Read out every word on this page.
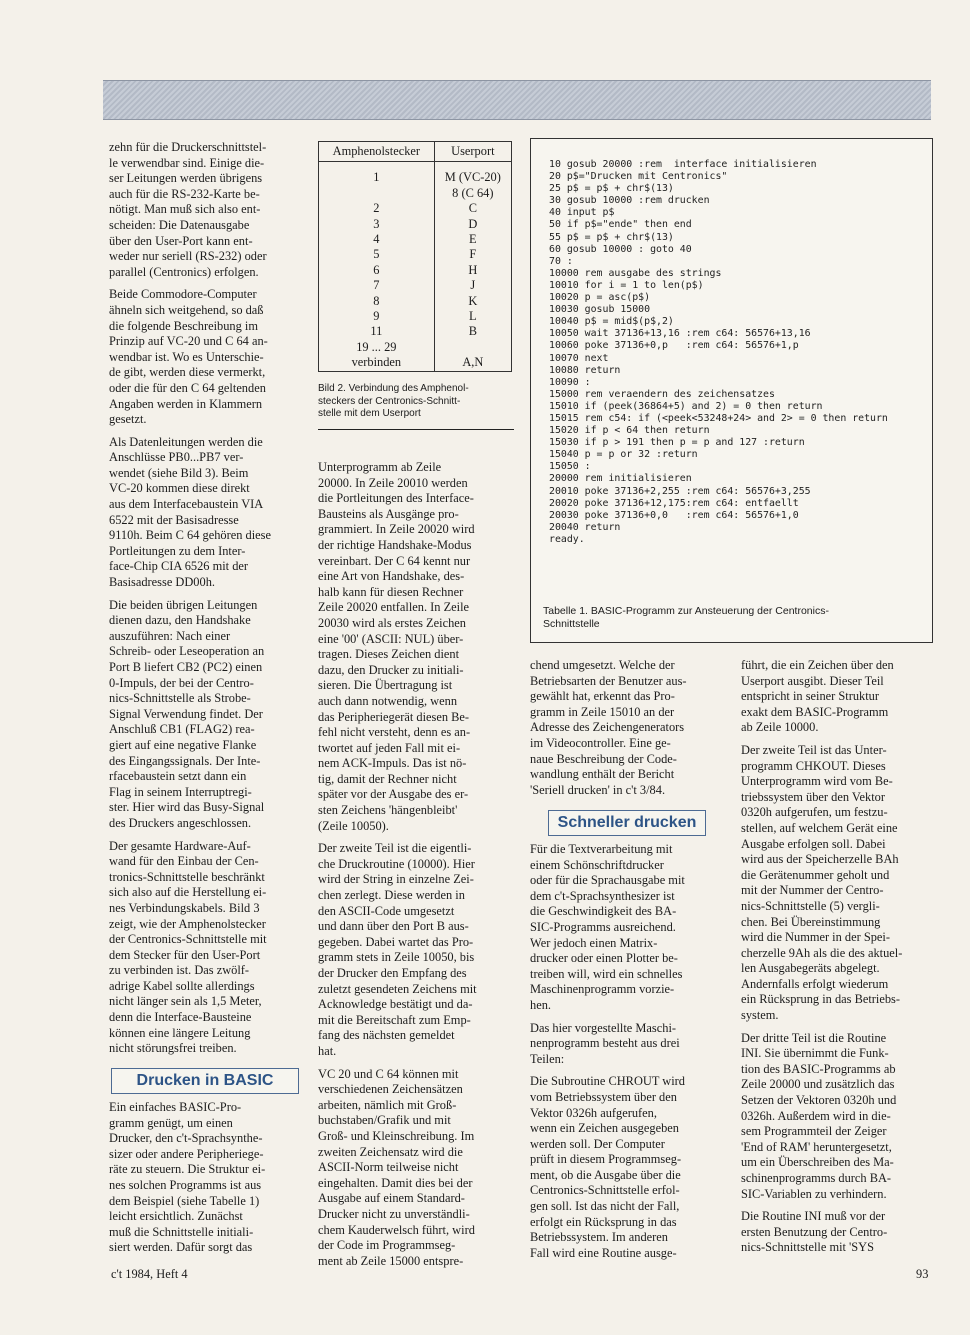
zehn für die Druckerschnittstel-
le verwendbar sind. Einige die-
ser Leitungen werden übrigens
auch für die RS-232-Karte be-
nötigt. Man muß sich also ent-
scheiden: Die Datenausgabe
über den User-Port kann ent-
weder nur seriell (RS-232) oder
parallel (Centronics) erfolgen.

Beide Commodore-Computer
ähneln sich weitgehend, so daß
die folgende Beschreibung im
Prinzip auf VC-20 und C 64 an-
wendbar ist. Wo es Unterschie-
de gibt, werden diese vermerkt,
oder die für den C 64 geltenden
Angaben werden in Klammern
gesetzt.

Als Datenleitungen werden die
Anschlüsse PB0...PB7 ver-
wendet (siehe Bild 3). Beim
VC-20 kommen diese direkt
aus dem Interfacebaustein VIA
6522 mit der Basisadresse
9110h. Beim C 64 gehören diese
Portleitungen zu dem Inter-
face-Chip CIA 6526 mit der
Basisadresse DD00h.

Die beiden übrigen Leitungen
dienen dazu, den Handshake
auszuführen: Nach einer
Schreib- oder Leseoperation an
Port B liefert CB2 (PC2) einen
0-Impuls, der bei der Centro-
nics-Schnittstelle als Strobe-
Signal Verwendung findet. Der
Anschluß CB1 (FLAG2) rea-
giert auf eine negative Flanke
des Eingangssignals. Der Inte-
rfacebaustein setzt dann ein
Flag in seinem Interruptregi-
ster. Hier wird das Busy-Signal
des Druckers angeschlossen.

Der gesamte Hardware-Auf-
wand für den Einbau der Cen-
tronics-Schnittstelle beschränkt
sich also auf die Herstellung ei-
nes Verbindungskabels. Bild 3
zeigt, wie der Amphenolstecker
der Centronics-Schnittstelle mit
dem Stecker für den User-Port
zu verbinden ist. Das zwölf-
adrige Kabel sollte allerdings
nicht länger sein als 1,5 Meter,
denn die Interface-Bausteine
können eine längere Leitung
nicht störungsfrei treiben.

Drucken in BASIC

Ein einfaches BASIC-Pro-
gramm genügt, um einen
Drucker, den c't-Sprachsynthe-
sizer oder andere Peripheriege-
räte zu steuern. Die Struktur ei-
nes solchen Programms ist aus
dem Beispiel (siehe Tabelle 1)
leicht ersichtlich. Zunächst
muß die Schnittstelle initiali-
siert werden. Dafür sorgt das

Amphenolstecker	Userport

1	M (VC-20)
	8 (C 64)
2	C
3	D
4	E
5	F
6	H
7	J
8	K
9	L
11	B
19 ... 29	
verbinden	A,N
Bild 2. Verbindung des Amphenol-
steckers der Centronics-Schnitt-
stelle mit dem Userport

Unterprogramm ab Zeile
20000. In Zeile 20010 werden
die Portleitungen des Interface-
Bausteins als Ausgänge pro-
grammiert. In Zeile 20020 wird
der richtige Handshake-Modus
vereinbart. Der C 64 kennt nur
eine Art von Handshake, des-
halb kann für diesen Rechner
Zeile 20020 entfallen. In Zeile
20030 wird als erstes Zeichen
eine '00' (ASCII: NUL) über-
tragen. Dieses Zeichen dient
dazu, den Drucker zu initiali-
sieren. Die Übertragung ist
auch dann notwendig, wenn
das Peripheriegerät diesen Be-
fehl nicht versteht, denn es an-
twortet auf jeden Fall mit ei-
nem ACK-Impuls. Das ist nö-
tig, damit der Rechner nicht
später vor der Ausgabe des er-
sten Zeichens 'hängenbleibt'
(Zeile 10050).

Der zweite Teil ist die eigentli-
che Druckroutine (10000). Hier
wird der String in einzelne Zei-
chen zerlegt. Diese werden in
den ASCII-Code umgesetzt
und dann über den Port B aus-
gegeben. Dabei wartet das Pro-
gramm stets in Zeile 10050, bis
der Drucker den Empfang des
zuletzt gesendeten Zeichens mit
Acknowledge bestätigt und da-
mit die Bereitschaft zum Emp-
fang des nächsten gemeldet
hat.

VC 20 und C 64 können mit
verschiedenen Zeichensätzen
arbeiten, nämlich mit Groß-
buchstaben/Grafik und mit
Groß- und Kleinschreibung. Im
zweiten Zeichensatz wird die
ASCII-Norm teilweise nicht
eingehalten. Damit dies bei der
Ausgabe auf einem Standard-
Drucker nicht zu unverständli-
chem Kauderwelsch führt, wird
der Code im Programmseg-
ment ab Zeile 15000 entspre-

10 gosub 20000 :rem  interface initialisieren
20 p$="Drucken mit Centronics"
25 p$ = p$ + chr$(13)
30 gosub 10000 :rem drucken
40 input p$
50 if p$="ende" then end
55 p$ = p$ + chr$(13)
60 gosub 10000 : goto 40
70 :
10000 rem ausgabe des strings
10010 for i = 1 to len(p$)
10020 p = asc(p$)
10030 gosub 15000
10040 p$ = mid$(p$,2)
10050 wait 37136+13,16 :rem c64: 56576+13,16
10060 poke 37136+0,p   :rem c64: 56576+1,p
10070 next
10080 return
10090 :
15000 rem veraendern des zeichensatzes
15010 if (peek(36864+5) and 2) = 0 then return
15015 rem c54: if (<peek<53248+24> and 2> = 0 then return
15020 if p < 64 then return
15030 if p > 191 then p = p and 127 :return
15040 p = p or 32 :return
15050 :
20000 rem initialisieren
20010 poke 37136+2,255 :rem c64: 56576+3,255
20020 poke 37136+12,175:rem c64: entfaellt
20030 poke 37136+0,0   :rem c64: 56576+1,0
20040 return
ready.
Tabelle 1. BASIC-Programm zur Ansteuerung der Centronics-
Schnittstelle

chend umgesetzt. Welche der
Betriebsarten der Benutzer aus-
gewählt hat, erkennt das Pro-
gramm in Zeile 15010 an der
Adresse des Zeichengenerators
im Videocontroller. Eine ge-
naue Beschreibung der Code-
wandlung enthält der Bericht
'Seriell drucken' in c't 3/84.

Schneller drucken

Für die Textverarbeitung mit
einem Schönschriftdrucker
oder für die Sprachausgabe mit
dem c't-Sprachsynthesizer ist
die Geschwindigkeit des BA-
SIC-Programms ausreichend.
Wer jedoch einen Matrix-
drucker oder einen Plotter be-
treiben will, wird ein schnelles
Maschinenprogramm vorzie-
hen.

Das hier vorgestellte Maschi-
nenprogramm besteht aus drei
Teilen:

Die Subroutine CHROUT wird
vom Betriebssystem über den
Vektor 0326h aufgerufen,
wenn ein Zeichen ausgegeben
werden soll. Der Computer
prüft in diesem Programmseg-
ment, ob die Ausgabe über die
Centronics-Schnittstelle erfol-
gen soll. Ist das nicht der Fall,
erfolgt ein Rücksprung in das
Betriebssystem. Im anderen
Fall wird eine Routine ausge-

führt, die ein Zeichen über den
Userport ausgibt. Dieser Teil
entspricht in seiner Struktur
exakt dem BASIC-Programm
ab Zeile 10000.

Der zweite Teil ist das Unter-
programm CHKOUT. Dieses
Unterprogramm wird vom Be-
triebssystem über den Vektor
0320h aufgerufen, um festzu-
stellen, auf welchem Gerät eine
Ausgabe erfolgen soll. Dabei
wird aus der Speicherzelle BAh
die Gerätenummer geholt und
mit der Nummer der Centro-
nics-Schnittstelle (5) vergli-
chen. Bei Übereinstimmung
wird die Nummer in der Spei-
cherzelle 9Ah als die des aktuel-
len Ausgabegeräts abgelegt.
Andernfalls erfolgt wiederum
ein Rücksprung in das Betriebs-
system.

Der dritte Teil ist die Routine
INI. Sie übernimmt die Funk-
tion des BASIC-Programms ab
Zeile 20000 und zusätzlich das
Setzen der Vektoren 0320h und
0326h. Außerdem wird in die-
sem Programmteil der Zeiger
'End of RAM' heruntergesetzt,
um ein Überschreiben des Ma-
schinenprogramms durch BA-
SIC-Variablen zu verhindern.

Die Routine INI muß vor der
ersten Benutzung der Centro-
nics-Schnittstelle mit 'SYS

c't 1984, Heft 4	93
